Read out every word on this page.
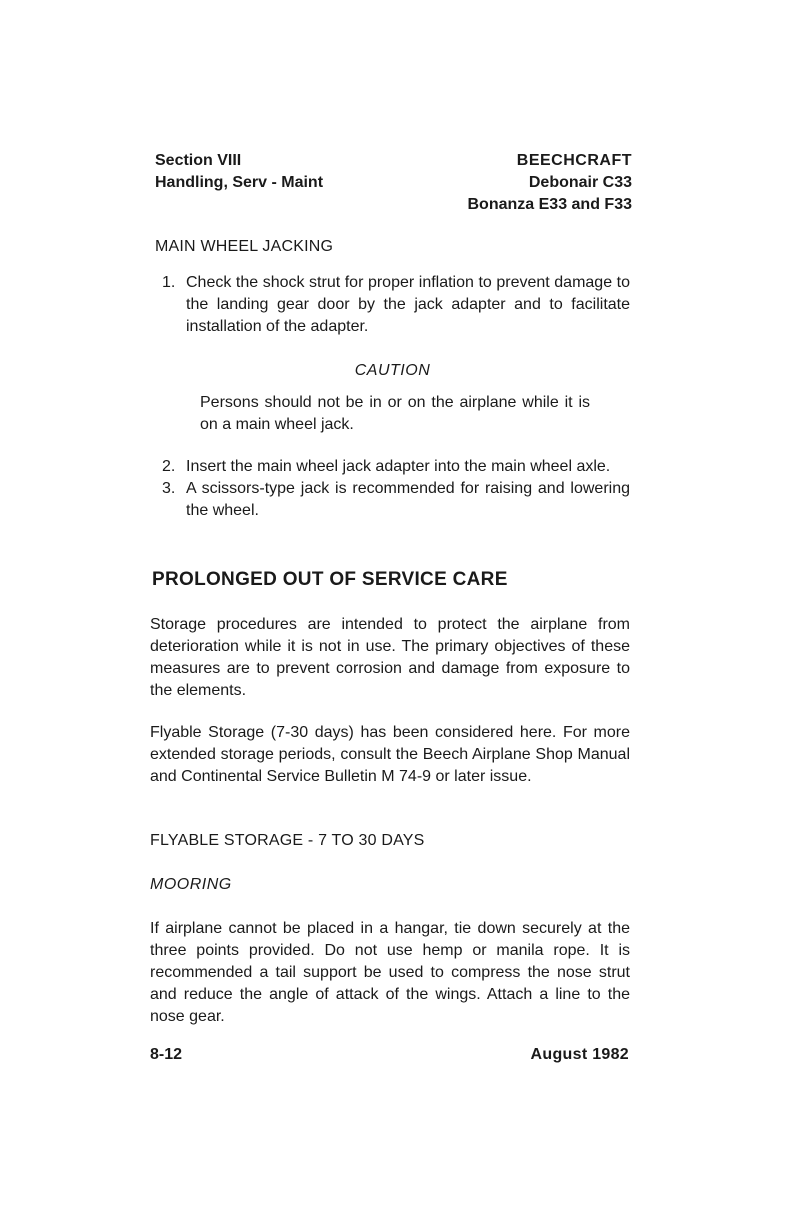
Section VIII
Handling, Serv - Maint
BEECHCRAFT
Debonair C33
Bonanza E33 and F33
MAIN WHEEL JACKING
1. Check the shock strut for proper inflation to prevent damage to the landing gear door by the jack adapter and to facilitate installation of the adapter.
CAUTION
Persons should not be in or on the airplane while it is on a main wheel jack.
2. Insert the main wheel jack adapter into the main wheel axle.
3. A scissors-type jack is recommended for raising and lowering the wheel.
PROLONGED OUT OF SERVICE CARE
Storage procedures are intended to protect the airplane from deterioration while it is not in use. The primary objectives of these measures are to prevent corrosion and damage from exposure to the elements.
Flyable Storage (7-30 days) has been considered here. For more extended storage periods, consult the Beech Airplane Shop Manual and Continental Service Bulletin M 74-9 or later issue.
FLYABLE STORAGE - 7 TO 30 DAYS
MOORING
If airplane cannot be placed in a hangar, tie down securely at the three points provided. Do not use hemp or manila rope. It is recommended a tail support be used to compress the nose strut and reduce the angle of attack of the wings. Attach a line to the nose gear.
8-12	August 1982
